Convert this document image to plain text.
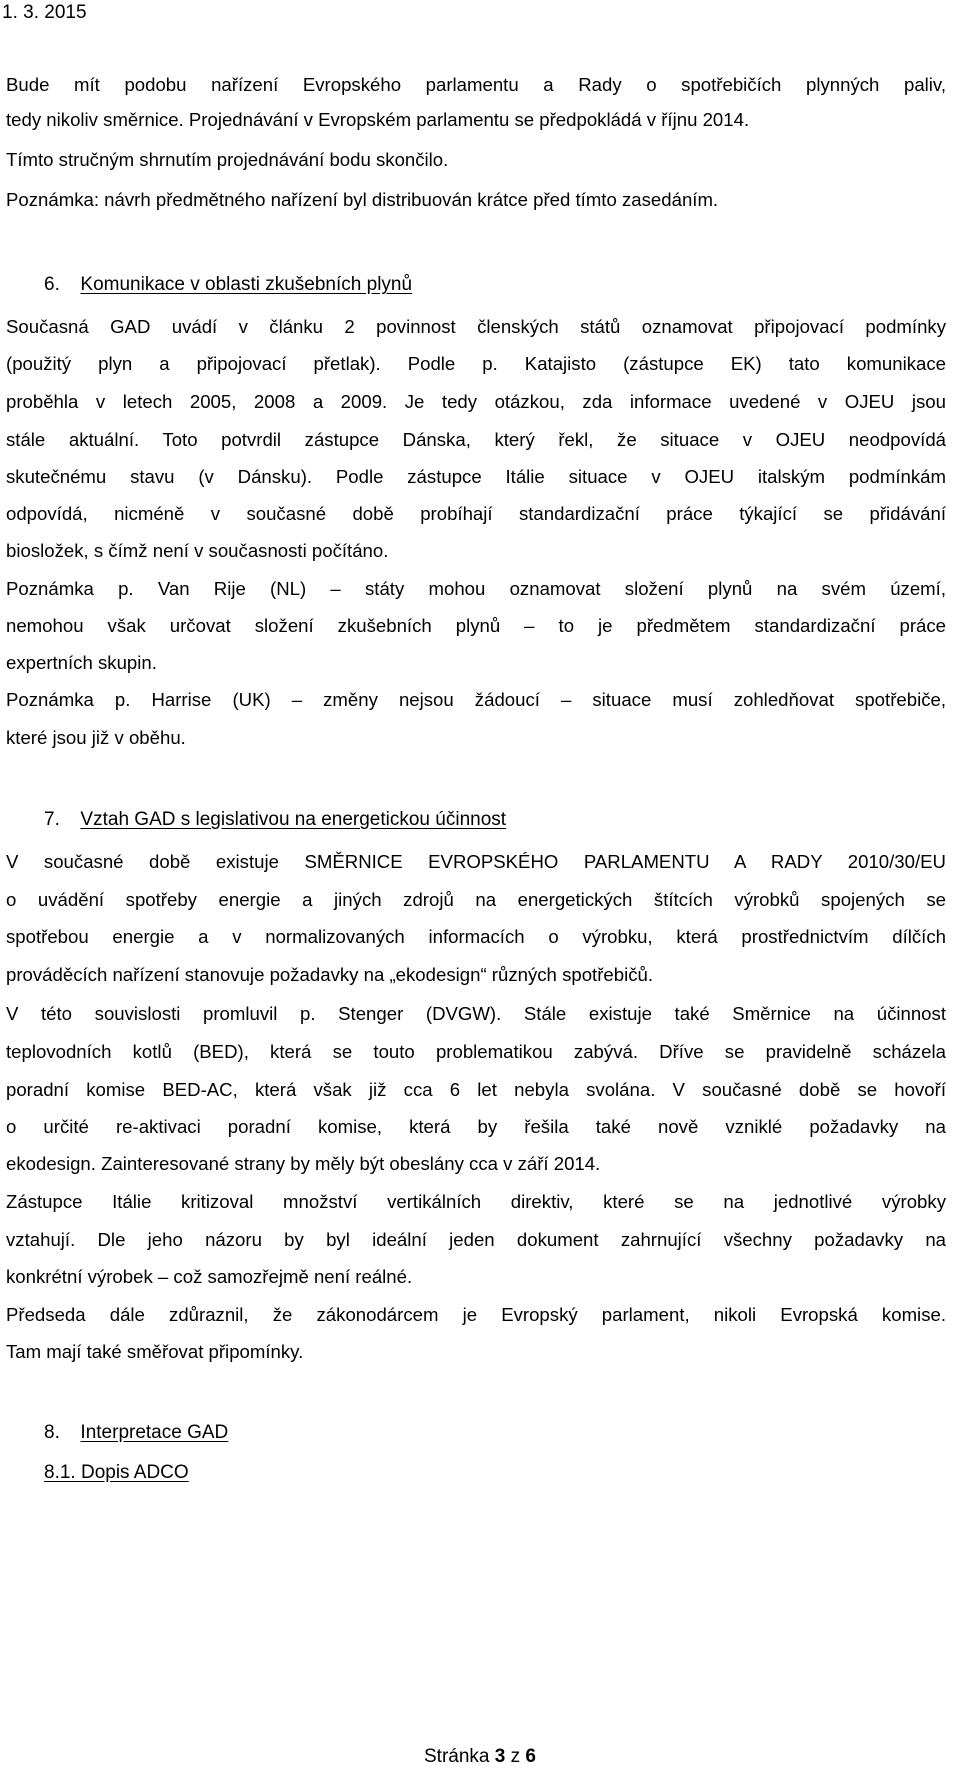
1. 3. 2015
Bude mít podobu nařízení Evropského parlamentu a Rady o spotřebičích plynných paliv,
tedy nikoliv směrnice. Projednávání v Evropském parlamentu se předpokládá v říjnu 2014.
Tímto stručným shrnutím projednávání bodu skončilo.
Poznámka: návrh předmětného nařízení byl distribuován krátce před tímto zasedáním.
6. Komunikace v oblasti zkušebních plynů
Současná GAD uvádí v článku 2 povinnost členských států oznamovat připojovací podmínky
(použitý plyn a připojovací přetlak). Podle p. Katajisto (zástupce EK) tato komunikace
proběhla v letech 2005, 2008 a 2009. Je tedy otázkou, zda informace uvedené v OJEU jsou
stále aktuální. Toto potvrdil zástupce Dánska, který řekl, že situace v OJEU neodpovídá
skutečnému stavu (v Dánsku). Podle zástupce Itálie situace v OJEU italským podmínkám
odpovídá, nicméně v současné době probíhají standardizační práce týkající se přidávání
biosložek, s čímž není v současnosti počítáno.
Poznámka p. Van Rije (NL) – státy mohou oznamovat složení plynů na svém území,
nemohou však určovat složení zkušebních plynů – to je předmětem standardizační práce
expertních skupin.
Poznámka p. Harrise (UK) – změny nejsou žádoucí – situace musí zohledňovat spotřebiče,
které jsou již v oběhu.
7. Vztah GAD s legislativou na energetickou účinnost
V současné době existuje SMĚRNICE EVROPSKÉHO PARLAMENTU A RADY 2010/30/EU
o uvádění spotřeby energie a jiných zdrojů na energetických štítcích výrobků spojených se
spotřebou energie a v normalizovaných informacích o výrobku, která prostřednictvím dílčích
prováděcích nařízení stanovuje požadavky na „ekodesign“ různých spotřebičů.
V této souvislosti promluvil p. Stenger (DVGW). Stále existuje také Směrnice na účinnost
teplovodních kotlů (BED), která se touto problematikou zabývá. Dříve se pravidelně scházela
poradní komise BED-AC, která však již cca 6 let nebyla svolána. V současné době se hovoří
o určité re-aktivaci poradní komise, která by řešila také nově vzniklé požadavky na
ekodesign. Zainteresované strany by měly být obeslány cca v září 2014.
Zástupce Itálie kritizoval množství vertikálních direktiv, které se na jednotlivé výrobky
vztahují. Dle jeho názoru by byl ideální jeden dokument zahrnující všechny požadavky na
konkrétní výrobek – což samozřejmě není reálné.
Předseda dále zdůraznil, že zákonodárcem je Evropský parlament, nikoli Evropská komise.
Tam mají také směřovat připomínky.
8. Interpretace GAD
8.1. Dopis ADCO
Stránka 3 z 6
